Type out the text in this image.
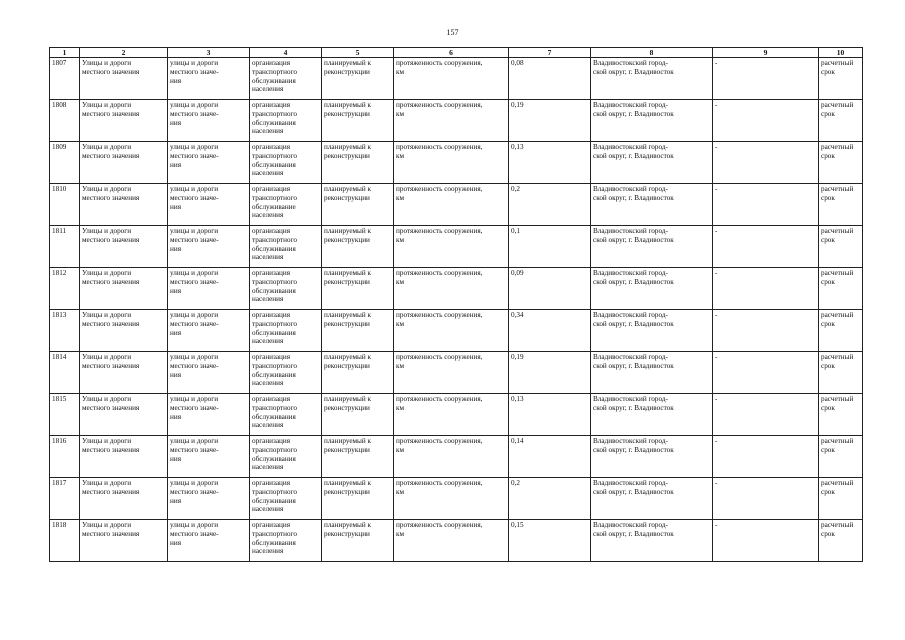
157
1	2	3	4	5	6	7	8	9	10

1807	Улицы и дороги
местного значения	улицы и дороги
местного значе-
ния	организация
транспортного
обслуживания
населения	планируемый к
реконструкции	протяженность сооружения,
км	0,08	Владивостокский город-
ской округ, г. Владивосток	-	расчетный
срок

1808	Улицы и дороги
местного значения	улицы и дороги
местного значе-
ния	организация
транспортного
обслуживания
населения	планируемый к
реконструкции	протяженность сооружения,
км	0,19	Владивостокский город-
ской округ, г. Владивосток	-	расчетный
срок

1809	Улицы и дороги
местного значения	улицы и дороги
местного значе-
ния	организация
транспортного
обслуживания
населения	планируемый к
реконструкции	протяженность сооружения,
км	0,13	Владивостокский город-
ской округ, г. Владивосток	-	расчетный
срок

1810	Улицы и дороги
местного значения	улицы и дороги
местного значе-
ния	организация
транспортного
обслуживание
населения	планируемый к
реконструкции	протяженность сооружения,
км	0,2	Владивостокский город-
ской округ, г. Владивосток	-	расчетный
срок

1811	Улицы и дороги
местного значения	улицы и дороги
местного значе-
ния	организация
транспортного
обслуживания
населения	планируемый к
реконструкции	протяженность сооружения,
км	0,1	Владивостокский город-
ской округ, г. Владивосток	-	расчетный
срок

1812	Улицы и дороги
местного значения	улицы и дороги
местного значе-
ния	организация
транспортного
обслуживания
населения	планируемый к
реконструкции	протяженность сооружения,
км	0,09	Владивостокский город-
ской округ, г. Владивосток	-	расчетный
срок

1813	Улицы и дороги
местного значения	улицы и дороги
местного значе-
ния	организация
транспортного
обслуживания
населения	планируемый к
реконструкции	протяженность сооружения,
км	0,34	Владивостокский город-
ской округ, г. Владивосток	-	расчетный
срок

1814	Улицы и дороги
местного значения	улицы и дороги
местного значе-
ния	организация
транспортного
обслуживания
населения	планируемый к
реконструкции	протяженность сооружения,
км	0,19	Владивостокский город-
ской округ, г. Владивосток	-	расчетный
срок

1815	Улицы и дороги
местного значения	улицы и дороги
местного значе-
ния	организация
транспортного
обслуживания
населения	планируемый к
реконструкции	протяженность сооружения,
км	0,13	Владивостокский город-
ской округ, г. Владивосток	-	расчетный
срок

1816	Улицы и дороги
местного значения	улицы и дороги
местного значе-
ния	организация
транспортного
обслуживания
населения	планируемый к
реконструкции	протяженность сооружения,
км	0,14	Владивостокский город-
ской округ, г. Владивосток	-	расчетный
срок

1817	Улицы и дороги
местного значения	улицы и дороги
местного значе-
ния	организация
транспортного
обслуживания
населения	планируемый к
реконструкции	протяженность сооружения,
км	0,2	Владивостокский город-
ской округ, г. Владивосток	-	расчетный
срок

1818	Улицы и дороги
местного значения	улицы и дороги
местного значе-
ния	организация
транспортного
обслуживания
населения	планируемый к
реконструкции	протяженность сооружения,
км	0,15	Владивостокский город-
ской округ, г. Владивосток	-	расчетный
срок
